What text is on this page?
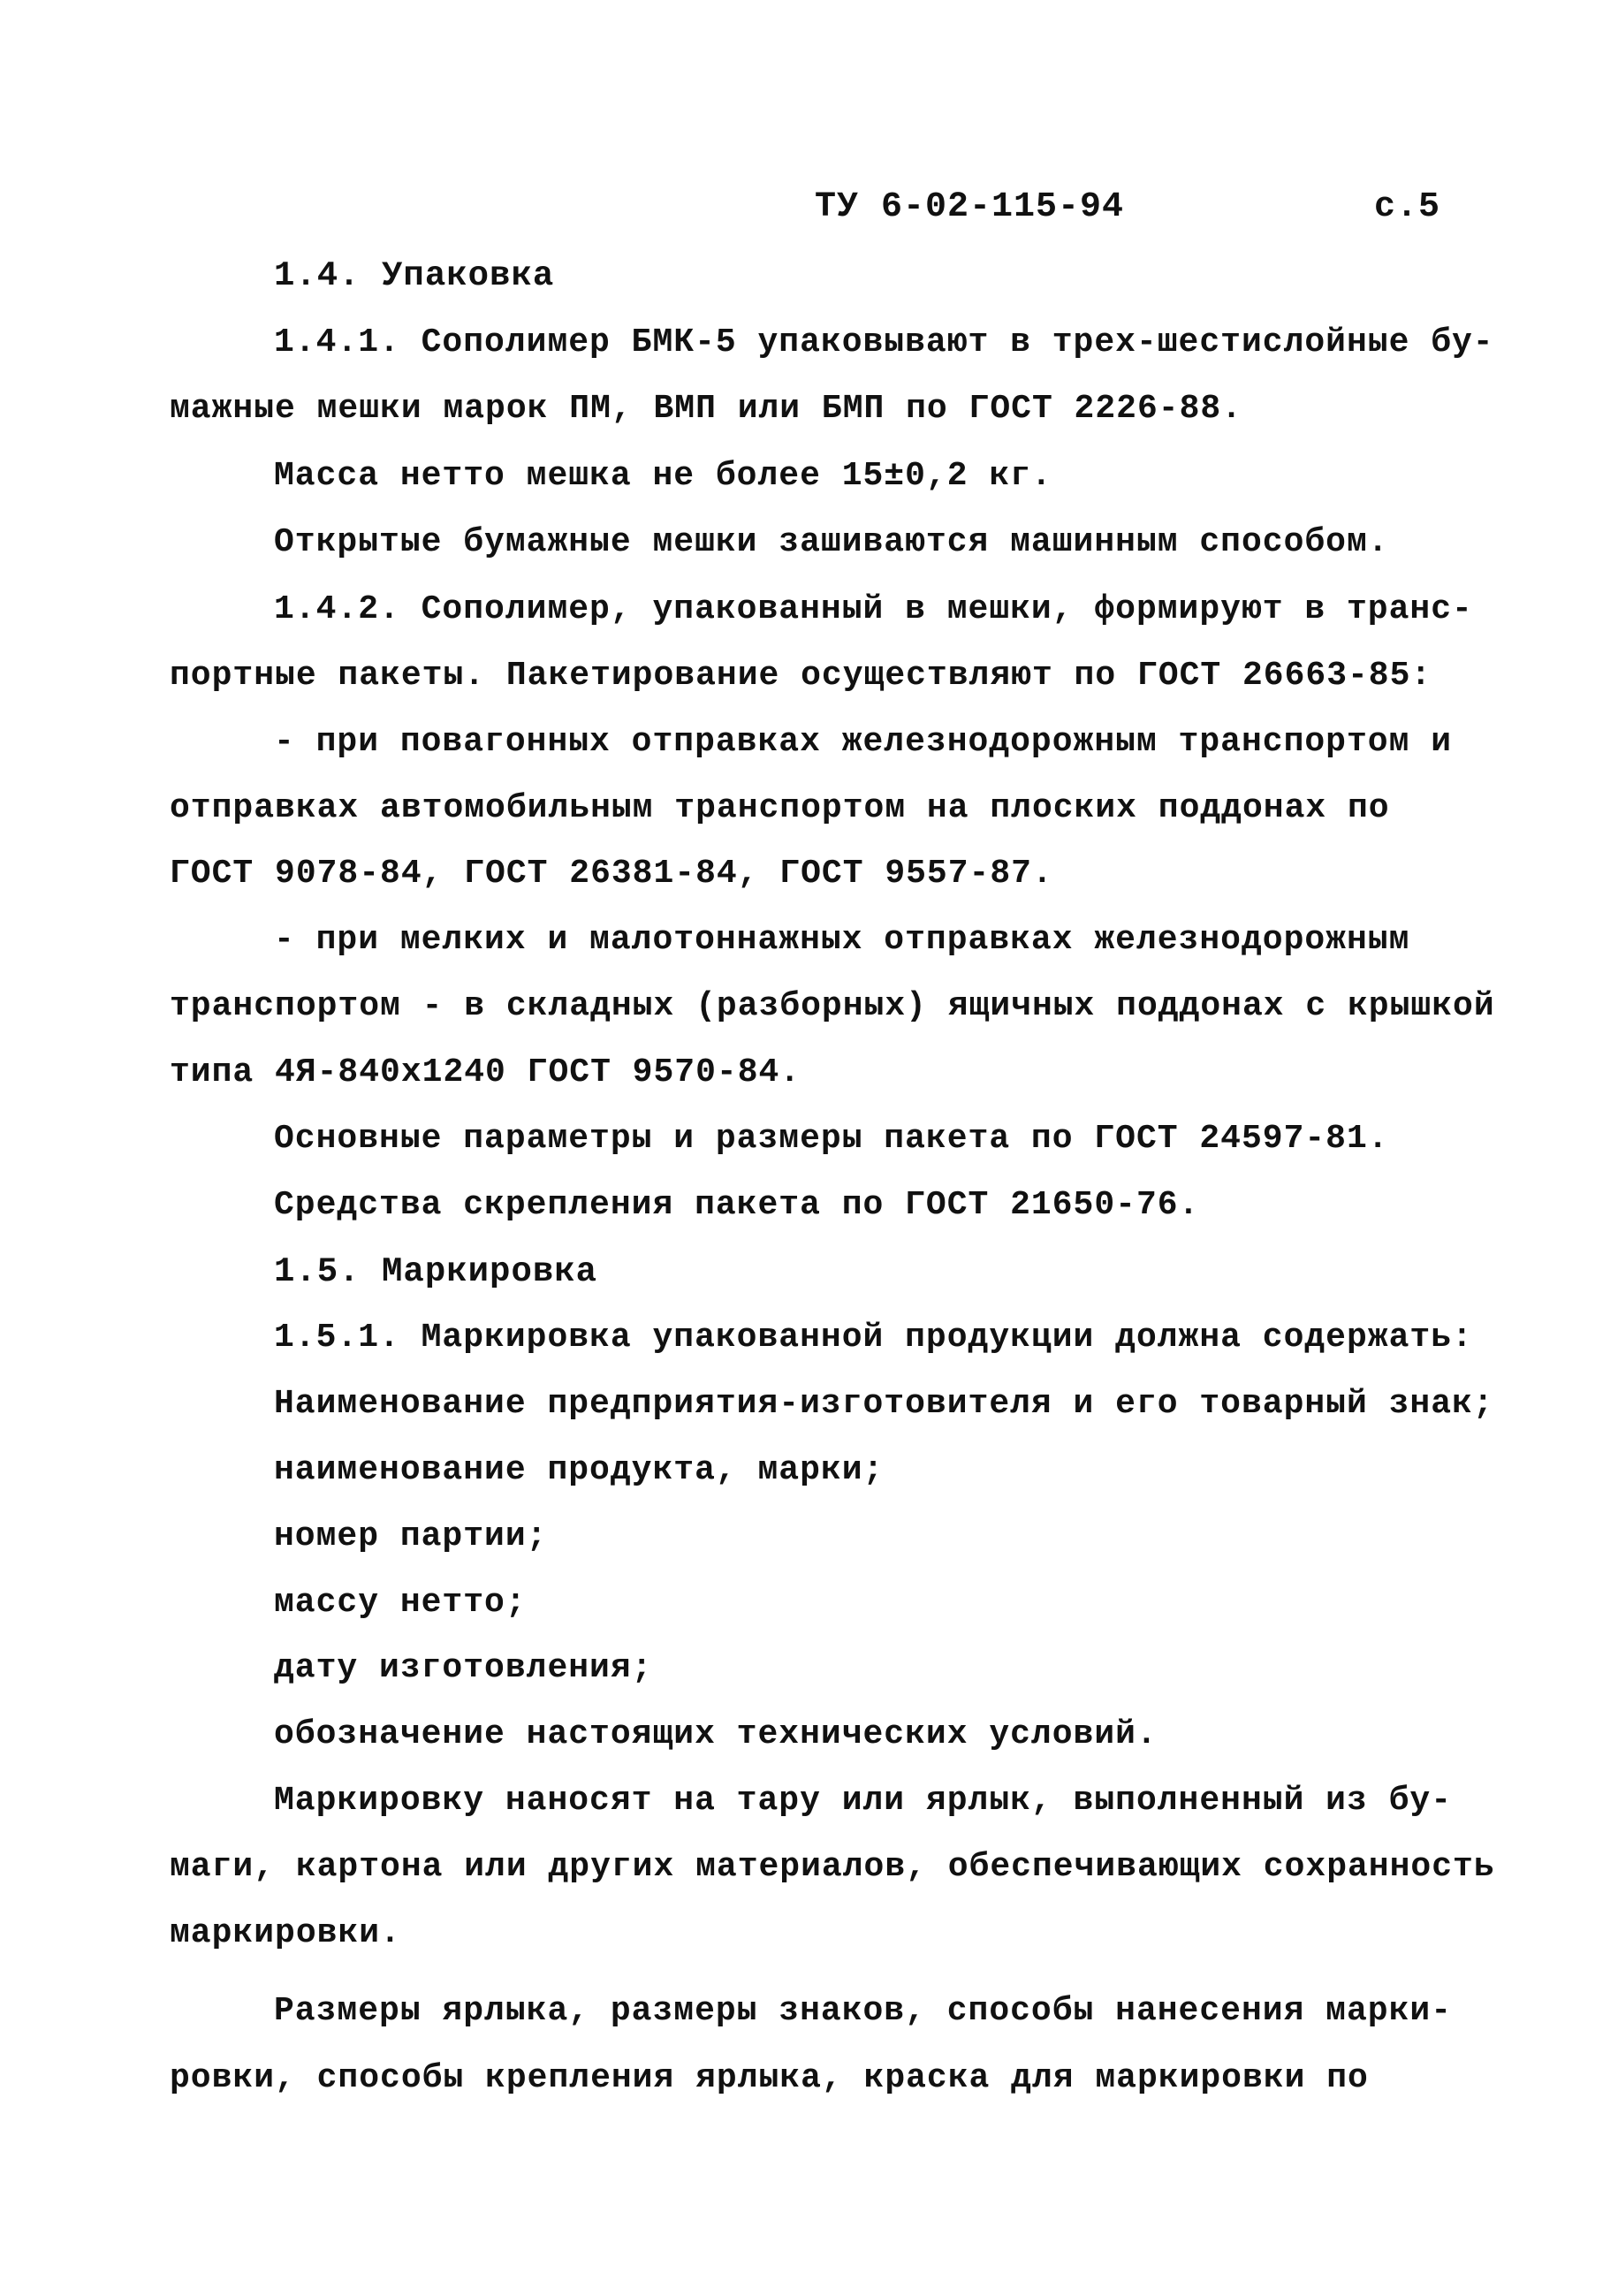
ТУ 6-02-115-94	с.5
1.4. Упаковка
1.4.1. Сополимер БМК-5 упаковывают в трех-шестислойные бу-
мажные мешки марок ПМ, ВМП или БМП по ГОСТ 2226-88.
Масса нетто мешка не более 15±0,2 кг.
Открытые бумажные мешки зашиваются машинным способом.
1.4.2. Сополимер, упакованный в мешки, формируют в транс-
портные пакеты. Пакетирование осуществляют по ГОСТ 26663-85:
- при повагонных отправках железнодорожным транспортом и
отправках автомобильным транспортом на плоских поддонах по
ГОСТ 9078-84, ГОСТ 26381-84, ГОСТ 9557-87.
- при мелких и малотоннажных отправках железнодорожным
транспортом - в складных (разборных) ящичных поддонах с крышкой
типа 4Я-840х1240 ГОСТ 9570-84.
Основные параметры и размеры пакета по ГОСТ 24597-81.
Средства скрепления пакета по ГОСТ 21650-76.
1.5. Маркировка
1.5.1. Маркировка упакованной продукции должна содержать:
Наименование предприятия-изготовителя и его товарный знак;
наименование продукта, марки;
номер партии;
массу нетто;
дату изготовления;
обозначение настоящих технических условий.
Маркировку наносят на тару или ярлык, выполненный из бу-
маги, картона или других материалов, обеспечивающих сохранность
маркировки.
Размеры ярлыка, размеры знаков, способы нанесения марки-
ровки, способы крепления ярлыка, краска для маркировки по
